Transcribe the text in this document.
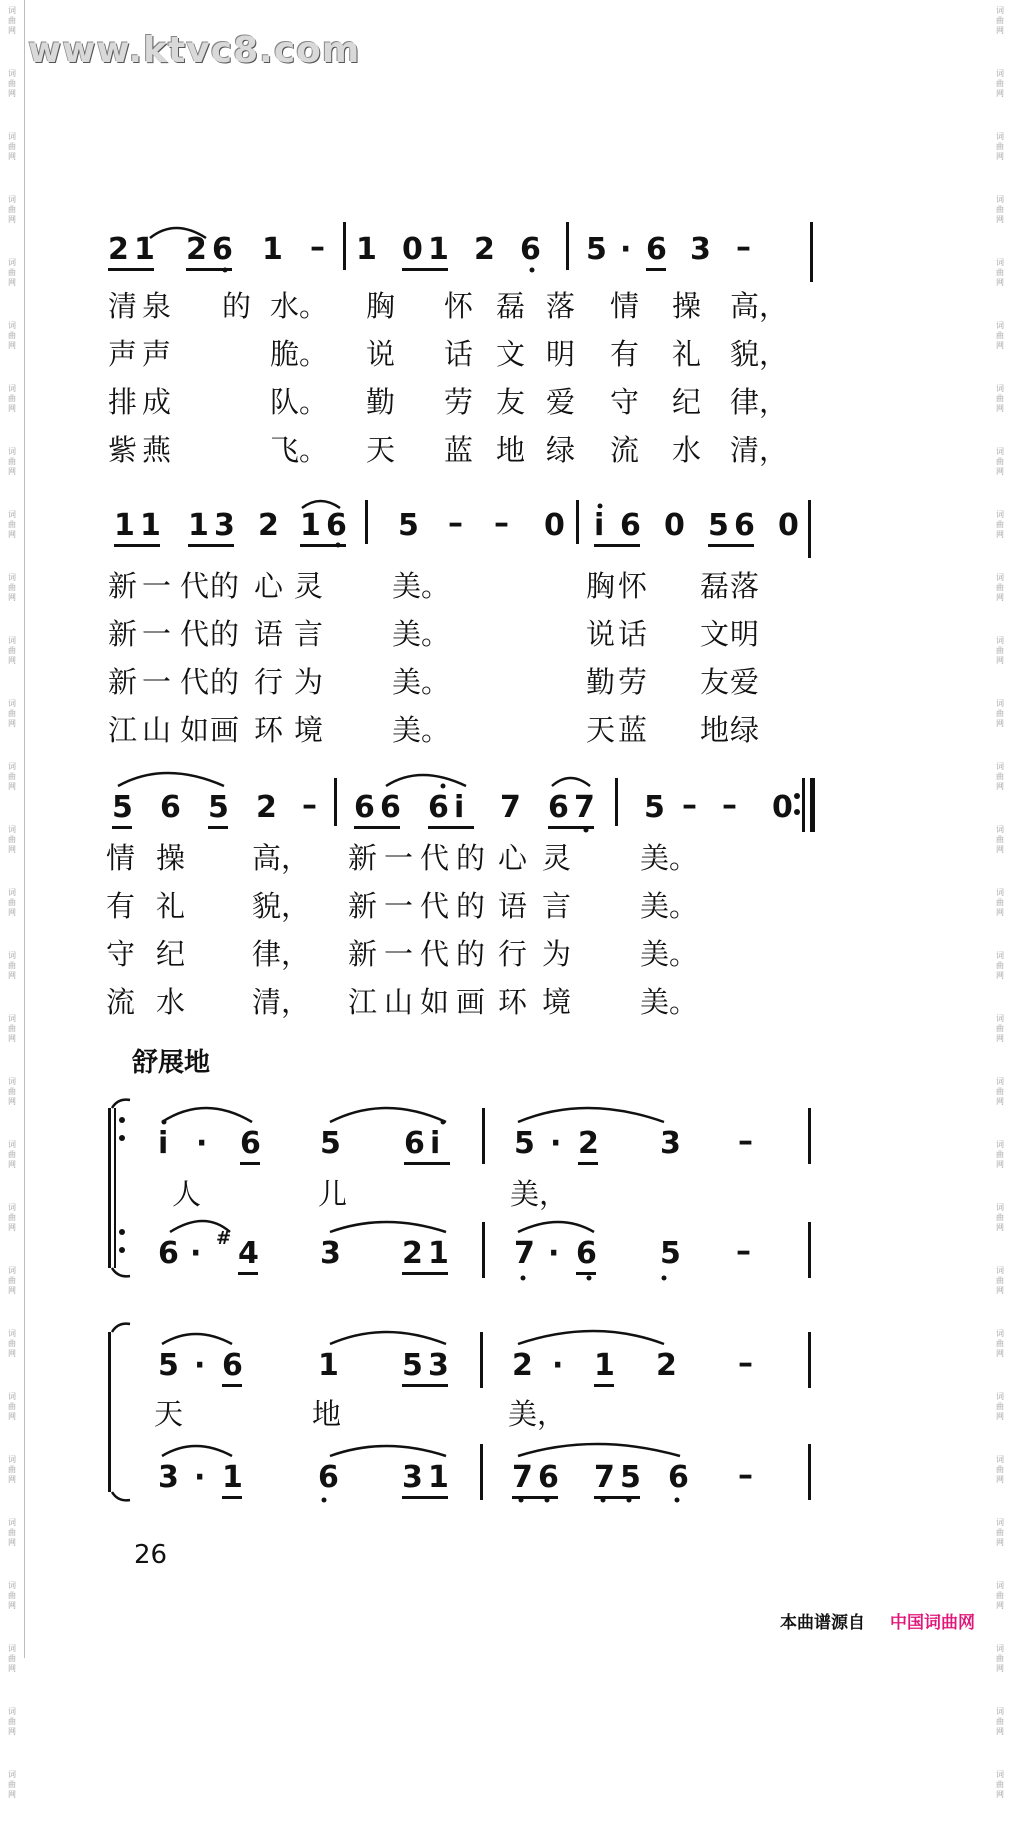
词
曲
网
词
曲
网
词
曲
网
词
曲
网
词
曲
网
词
曲
网
词
曲
网
词
曲
网
词
曲
网
词
曲
网
词
曲
网
词
曲
网
词
曲
网
词
曲
网
词
曲
网
词
曲
网
词
曲
网
词
曲
网
词
曲
网
词
曲
网
词
曲
网
词
曲
网
词
曲
网
词
曲
网
词
曲
网
词
曲
网
词
曲
网
词
曲
网
词
曲
网
词
曲
网
词
曲
网
词
曲
网
词
曲
网
词
曲
网
词
曲
网
词
曲
网
词
曲
网
词
曲
网
词
曲
网
词
曲
网
词
曲
网
词
曲
网
词
曲
网
词
曲
网
词
曲
网
词
曲
网
词
曲
网
词
曲
网
词
曲
网
词
曲
网
词
曲
网
词
曲
网
词
曲
网
词
曲
网
词
曲
网
词
曲
网
词
曲
网
词
曲
网
www.ktvc8.com
2 1 2 6 1 – 1 0 1 2 6 5 · 6 3 –
清 泉 的 水。 胸 怀 磊 落 情 操 高，
声 声	脆。 说 话 文 明 有 礼 貌，
排 成	队。 勤 劳 友 爱 守 纪 律，
紫 燕	飞。 天 蓝 地 绿 流 水 清，
1 1 1 3 2 1 6 5 – – 0 i 6 0 5 6 0
新 一 代 的 心 灵 美。	胸 怀 磊 落
新 一 代 的 语 言 美。	说 话 文 明
新 一 代 的 行 为 美。	勤 劳 友 爱
江 山 如 画 环 境 美。	天 蓝 地 绿
5 6 5 2 – 6 6 6 i 7 6 7 5 – – 0
情 操 高， 新 一 代 的 心 灵 美。
有 礼 貌， 新 一 代 的 语 言 美。
守 纪 律， 新 一 代 的 行 为 美。
流 水 清， 江 山 如 画 环 境 美。
舒展地
i · 6 5 6 i 5 · 2 3 –
人	儿	美，
6 · # 4 3 2 1 7 · 6 5 –
5 · 6	1 5 3 2 · 1 2 –
天	地	美，
3 · 1	6 3 1 7 6 7 5 6 –
26
本曲谱源自 中国词曲网
